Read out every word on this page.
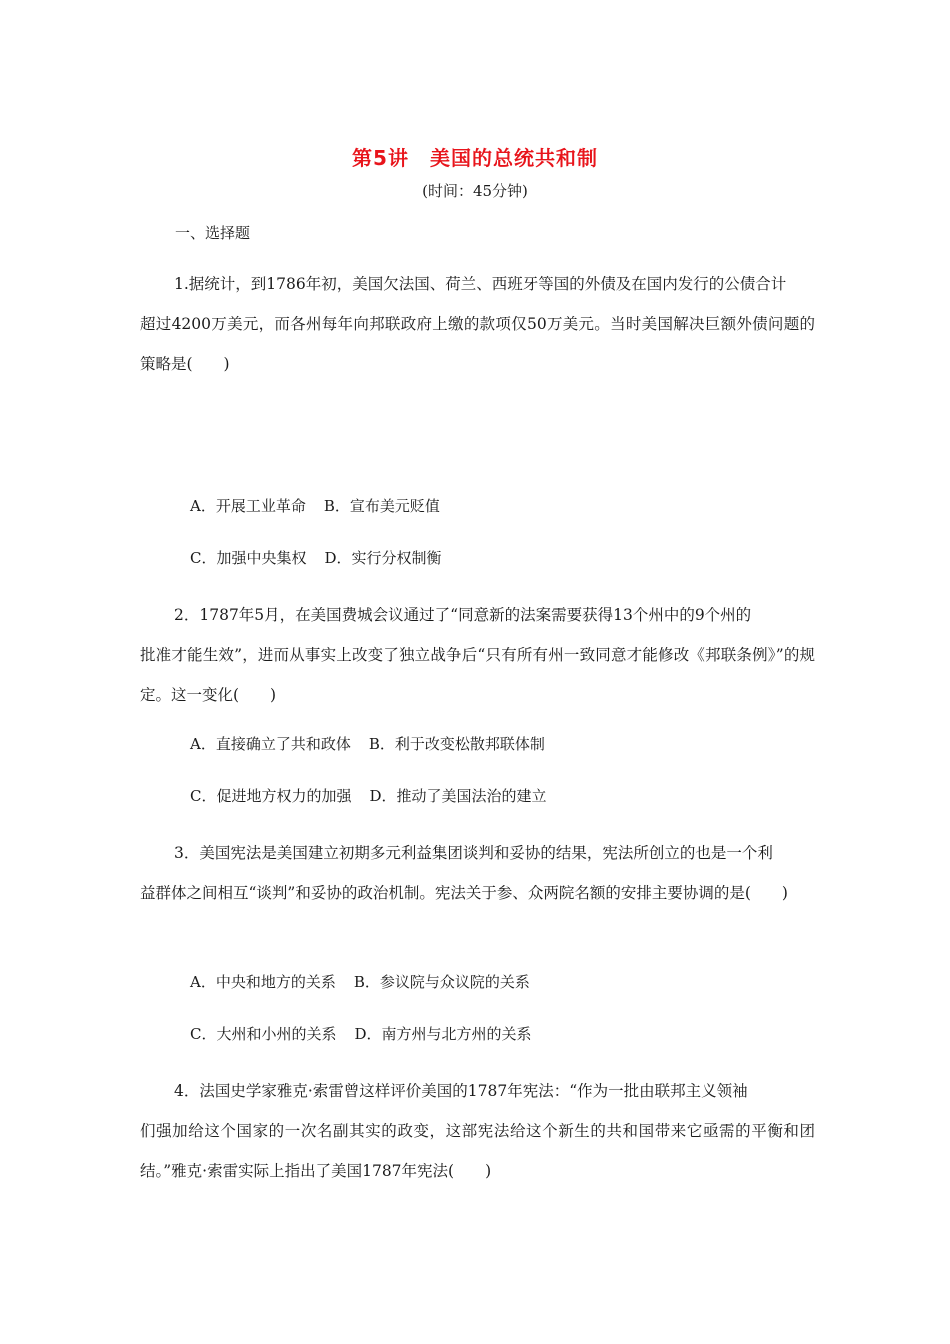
第5讲　美国的总统共和制
(时间：45分钟)
一、选择题
1.据统计，到1786年初，美国欠法国、荷兰、西班牙等国的外债及在国内发行的公债合计
超过4200万美元，而各州每年向邦联政府上缴的款项仅50万美元。当时美国解决巨额外债问题的策略是(　　)
A．开展工业革命 B．宣布美元贬值
C．加强中央集权 D．实行分权制衡
2．1787年5月，在美国费城会议通过了“同意新的法案需要获得13个州中的9个州的
批准才能生效”，进而从事实上改变了独立战争后“只有所有州一致同意才能修改《邦联条例》”的规定。这一变化(　　)
A．直接确立了共和政体 B．利于改变松散邦联体制
C．促进地方权力的加强 D．推动了美国法治的建立
3．美国宪法是美国建立初期多元利益集团谈判和妥协的结果，宪法所创立的也是一个利
益群体之间相互“谈判”和妥协的政治机制。宪法关于参、众两院名额的安排主要协调的是(　　)
A．中央和地方的关系 B．参议院与众议院的关系
C．大州和小州的关系 D．南方州与北方州的关系
4．法国史学家雅克·索雷曾这样评价美国的1787年宪法：“作为一批由联邦主义领袖
们强加给这个国家的一次名副其实的政变，这部宪法给这个新生的共和国带来它亟需的平衡和团结。”雅克·索雷实际上指出了美国1787年宪法(　　)
